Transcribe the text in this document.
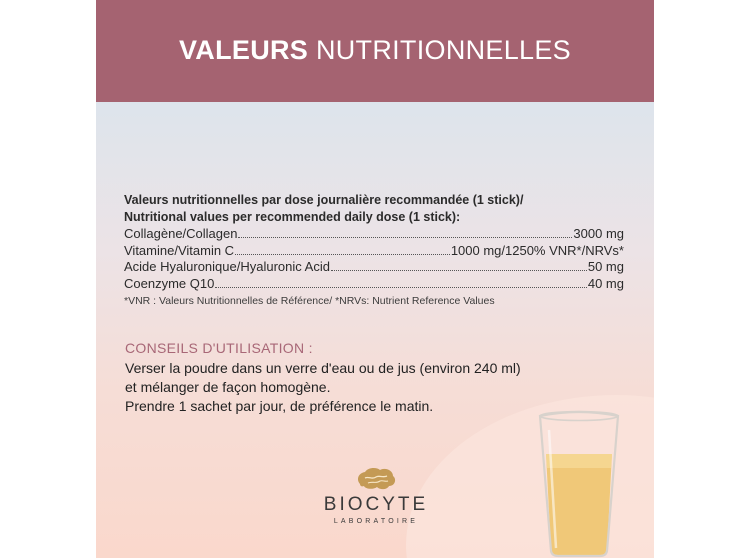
VALEURS NUTRITIONNELLES
Valeurs nutritionnelles par dose journalière recommandée (1 stick)/
Nutritional values per recommended daily dose (1 stick):
Collagène/Collagen	3000 mg
Vitamine/Vitamin C	1000 mg/1250% VNR*/NRVs*
Acide Hyaluronique/Hyaluronic Acid	50 mg
Coenzyme Q10	40 mg
*VNR : Valeurs Nutritionnelles de Référence/ *NRVs: Nutrient Reference Values
CONSEILS D'UTILISATION :
Verser la poudre dans un verre d'eau ou de jus (environ 240 ml)
et mélanger de façon homogène.
Prendre 1 sachet par jour, de préférence le matin.
BIOCYTE
LABORATOIRE
